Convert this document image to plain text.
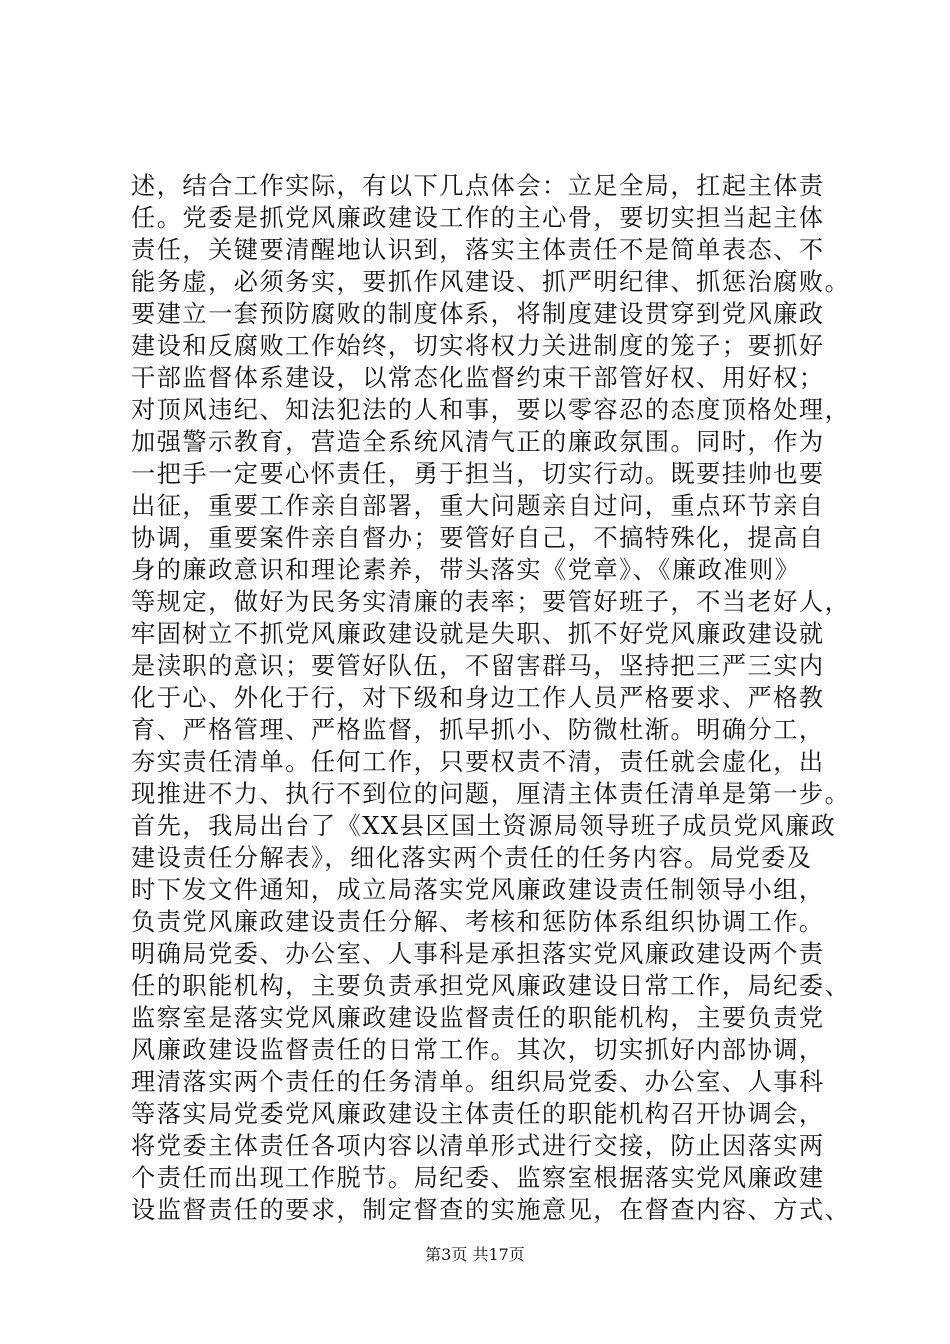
述，结合工作实际，有以下几点体会：立足全局，扛起主体责
任。党委是抓党风廉政建设工作的主心骨，要切实担当起主体
责任，关键要清醒地认识到，落实主体责任不是简单表态、不
能务虚，必须务实，要抓作风建设、抓严明纪律、抓惩治腐败。
要建立一套预防腐败的制度体系，将制度建设贯穿到党风廉政
建设和反腐败工作始终，切实将权力关进制度的笼子；要抓好
干部监督体系建设，以常态化监督约束干部管好权、用好权；
对顶风违纪、知法犯法的人和事，要以零容忍的态度顶格处理，
加强警示教育，营造全系统风清气正的廉政氛围。同时，作为
一把手一定要心怀责任，勇于担当，切实行动。既要挂帅也要
出征，重要工作亲自部署，重大问题亲自过问，重点环节亲自
协调，重要案件亲自督办；要管好自己，不搞特殊化，提高自
身的廉政意识和理论素养，带头落实《党章》、《廉政准则》
等规定，做好为民务实清廉的表率；要管好班子，不当老好人，
牢固树立不抓党风廉政建设就是失职、抓不好党风廉政建设就
是渎职的意识；要管好队伍，不留害群马，坚持把三严三实内
化于心、外化于行，对下级和身边工作人员严格要求、严格教
育、严格管理、严格监督，抓早抓小、防微杜渐。明确分工，
夯实责任清单。任何工作，只要权责不清，责任就会虚化，出
现推进不力、执行不到位的问题，厘清主体责任清单是第一步。
首先，我局出台了《XX县区国土资源局领导班子成员党风廉政
建设责任分解表》，细化落实两个责任的任务内容。局党委及
时下发文件通知，成立局落实党风廉政建设责任制领导小组，
负责党风廉政建设责任分解、考核和惩防体系组织协调工作。
明确局党委、办公室、人事科是承担落实党风廉政建设两个责
任的职能机构，主要负责承担党风廉政建设日常工作，局纪委、
监察室是落实党风廉政建设监督责任的职能机构，主要负责党
风廉政建设监督责任的日常工作。其次，切实抓好内部协调，
理清落实两个责任的任务清单。组织局党委、办公室、人事科
等落实局党委党风廉政建设主体责任的职能机构召开协调会，
将党委主体责任各项内容以清单形式进行交接，防止因落实两
个责任而出现工作脱节。局纪委、监察室根据落实党风廉政建
设监督责任的要求，制定督查的实施意见，在督查内容、方式、
第3页 共17页
